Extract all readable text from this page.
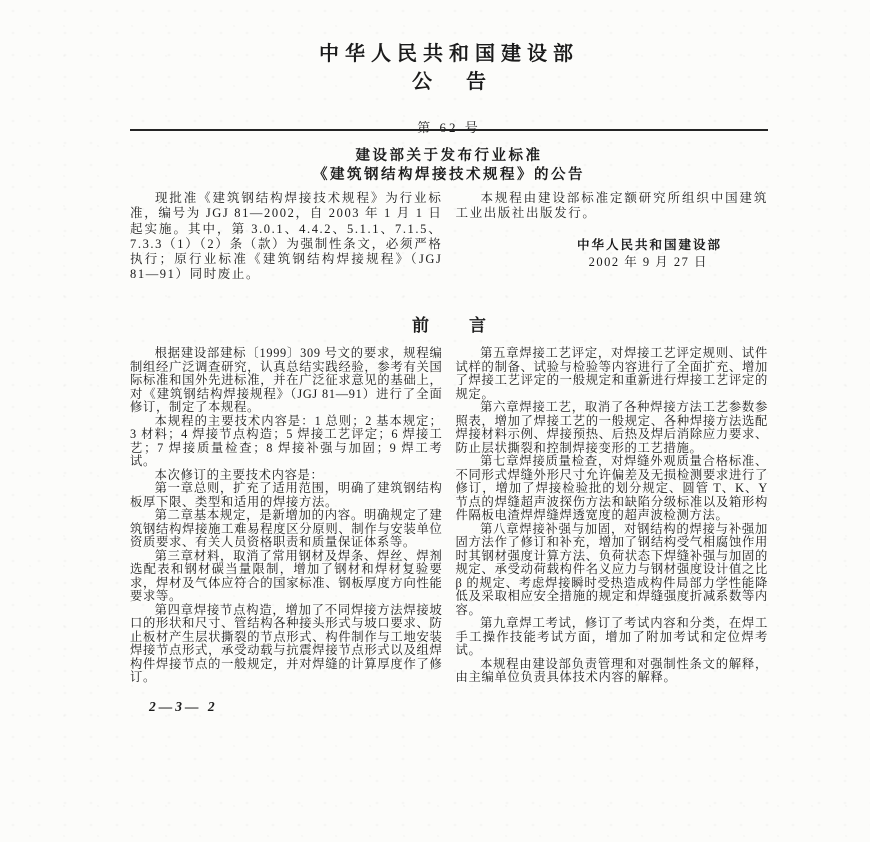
中华人民共和国建设部
公 告
第 62 号
建设部关于发布行业标准
《建筑钢结构焊接技术规程》的公告

现批准《建筑钢结构焊接技术规程》为行业标准，编号为 JGJ 81—2002，自 2003 年 1 月 1 日起实施。其中，第 3.0.1、4.4.2、5.1.1、7.1.5、7.3.3（1）（2）条（款）为强制性条文，必须严格执行；原行业标准《建筑钢结构焊接规程》（JGJ 81—91）同时废止。

本规程由建设部标准定额研究所组织中国建筑工业出版社出版发行。

中华人民共和国建设部
2002 年 9 月 27 日
前 言

根据建设部建标〔1999〕309 号文的要求，规程编制组经广泛调查研究，认真总结实践经验，参考有关国际标准和国外先进标准，并在广泛征求意见的基础上，对《建筑钢结构焊接规程》（JGJ 81—91）进行了全面修订，制定了本规程。

本规程的主要技术内容是：1 总则；2 基本规定；3 材料；4 焊接节点构造；5 焊接工艺评定；6 焊接工艺；7 焊接质量检查；8 焊接补强与加固；9 焊工考试。

本次修订的主要技术内容是：

第一章总则，扩充了适用范围，明确了建筑钢结构板厚下限、类型和适用的焊接方法。

第二章基本规定，是新增加的内容。明确规定了建筑钢结构焊接施工难易程度区分原则、制作与安装单位资质要求、有关人员资格职责和质量保证体系等。

第三章材料，取消了常用钢材及焊条、焊丝、焊剂选配表和钢材碳当量限制，增加了钢材和焊材复验要求，焊材及气体应符合的国家标准、钢板厚度方向性能要求等。

第四章焊接节点构造，增加了不同焊接方法焊接坡口的形状和尺寸、管结构各种接头形式与坡口要求、防止板材产生层状撕裂的节点形式、构件制作与工地安装焊接节点形式，承受动载与抗震焊接节点形式以及组焊构件焊接节点的一般规定，并对焊缝的计算厚度作了修订。

第五章焊接工艺评定，对焊接工艺评定规则、试件试样的制备、试验与检验等内容进行了全面扩充、增加了焊接工艺评定的一般规定和重新进行焊接工艺评定的规定。

第六章焊接工艺，取消了各种焊接方法工艺参数参照表，增加了焊接工艺的一般规定、各种焊接方法选配焊接材料示例、焊接预热、后热及焊后消除应力要求、防止层状撕裂和控制焊接变形的工艺措施。

第七章焊接质量检查，对焊缝外观质量合格标准、不同形式焊缝外形尺寸允许偏差及无损检测要求进行了修订，增加了焊接检验批的划分规定、圆管 T、K、Y 节点的焊缝超声波探伤方法和缺陷分级标准以及箱形构件隔板电渣焊焊缝焊透宽度的超声波检测方法。

第八章焊接补强与加固，对钢结构的焊接与补强加固方法作了修订和补充，增加了钢结构受气相腐蚀作用时其钢材强度计算方法、负荷状态下焊缝补强与加固的规定、承受动荷载构件名义应力与钢材强度设计值之比 β 的规定、考虑焊接瞬时受热造成构件局部力学性能降低及采取相应安全措施的规定和焊缝强度折减系数等内容。

第九章焊工考试，修订了考试内容和分类，在焊工手工操作技能考试方面，增加了附加考试和定位焊考试。

本规程由建设部负责管理和对强制性条文的解释，由主编单位负责具体技术内容的解释。

2—3— 2
